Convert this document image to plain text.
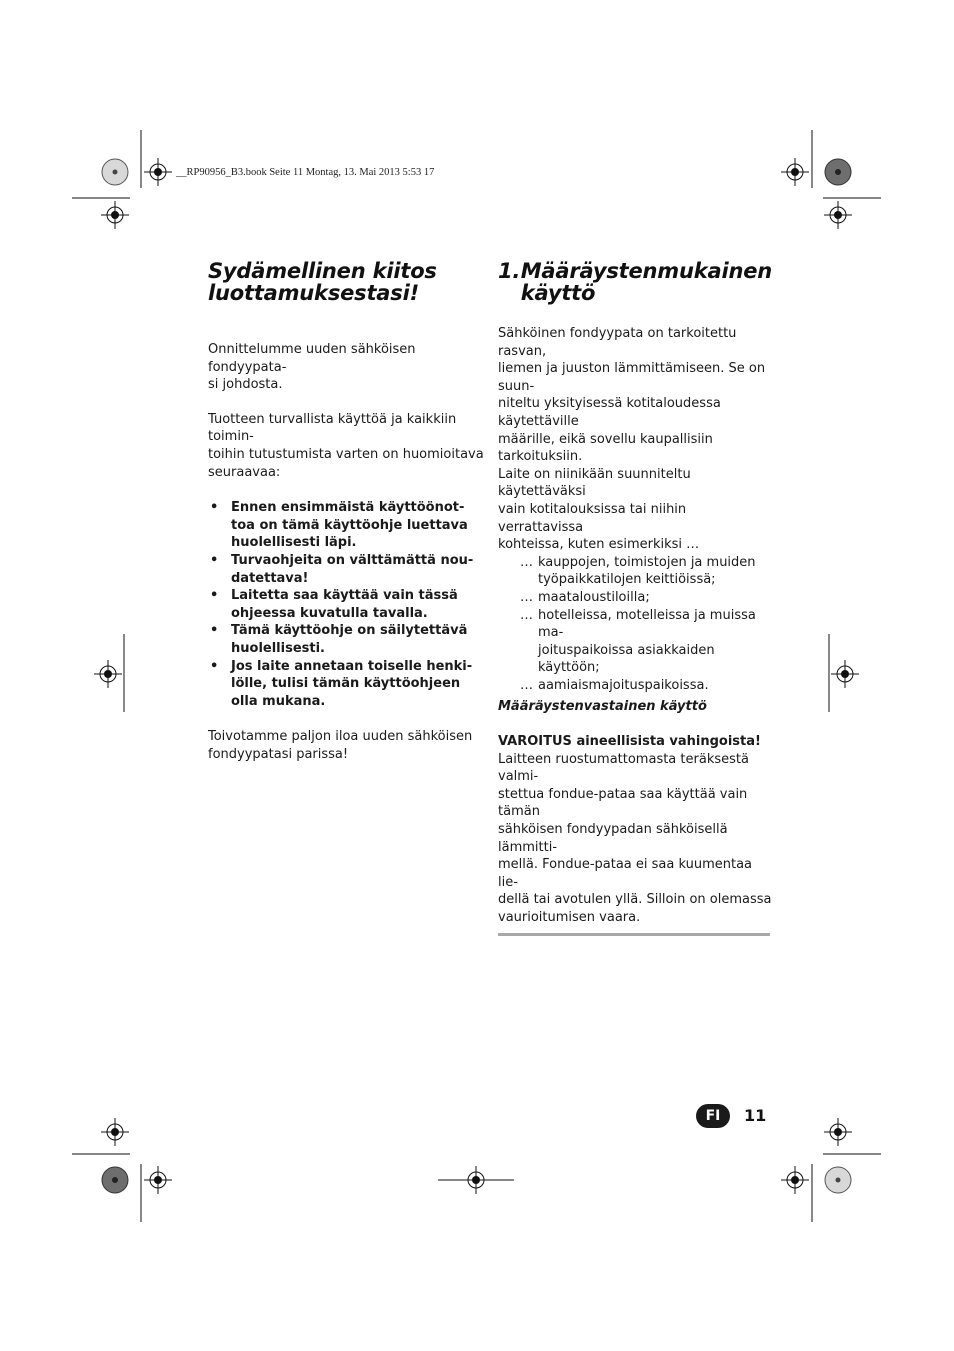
__RP90956_B3.book Seite 11 Montag, 13. Mai 2013 5:53 17
Sydämellinen kiitos
luottamuksestasi!

Onnittelumme uuden sähköisen fondyypata-
si johdosta.

Tuotteen turvallista käyttöä ja kaikkiin toimin-
toihin tutustumista varten on huomioitava
seuraavaa:

• Ennen ensimmäistä käyttöönot-
toa on tämä käyttöohje luettava
huolellisesti läpi.
• Turvaohjeita on välttämättä nou-
datettava!
• Laitetta saa käyttää vain tässä
ohjeessa kuvatulla tavalla.
• Tämä käyttöohje on säilytettävä
huolellisesti.
• Jos laite annetaan toiselle henki-
lölle, tulisi tämän käyttöohjeen
olla mukana.

Toivotamme paljon iloa uuden sähköisen
fondyypatasi parissa!

1. Määräystenmukainen
käyttö

Sähköinen fondyypata on tarkoitettu rasvan,
liemen ja juuston lämmittämiseen. Se on suun-
niteltu yksityisessä kotitaloudessa käytettäville
määrille, eikä sovellu kaupallisiin tarkoituksiin.
Laite on niinikään suunniteltu käytettäväksi
vain kotitalouksissa tai niihin verrattavissa
kohteissa, kuten esimerkiksi …

… kauppojen, toimistojen ja muiden
työpaikkatilojen keittiöissä;
… maataloustiloilla;
… hotelleissa, motelleissa ja muissa ma-
joituspaikoissa asiakkaiden käyttöön;
… aamiaismajoituspaikoissa.
Määräystenvastainen käyttö
VAROITUS aineellisista vahingoista!

Laitteen ruostumattomasta teräksestä valmi-
stettua fondue-pataa saa käyttää vain tämän
sähköisen fondyypadan sähköisellä lämmitti-
mellä. Fondue-pataa ei saa kuumentaa lie-
dellä tai avotulen yllä. Silloin on olemassa
vaurioitumisen vaara.

FI	11
